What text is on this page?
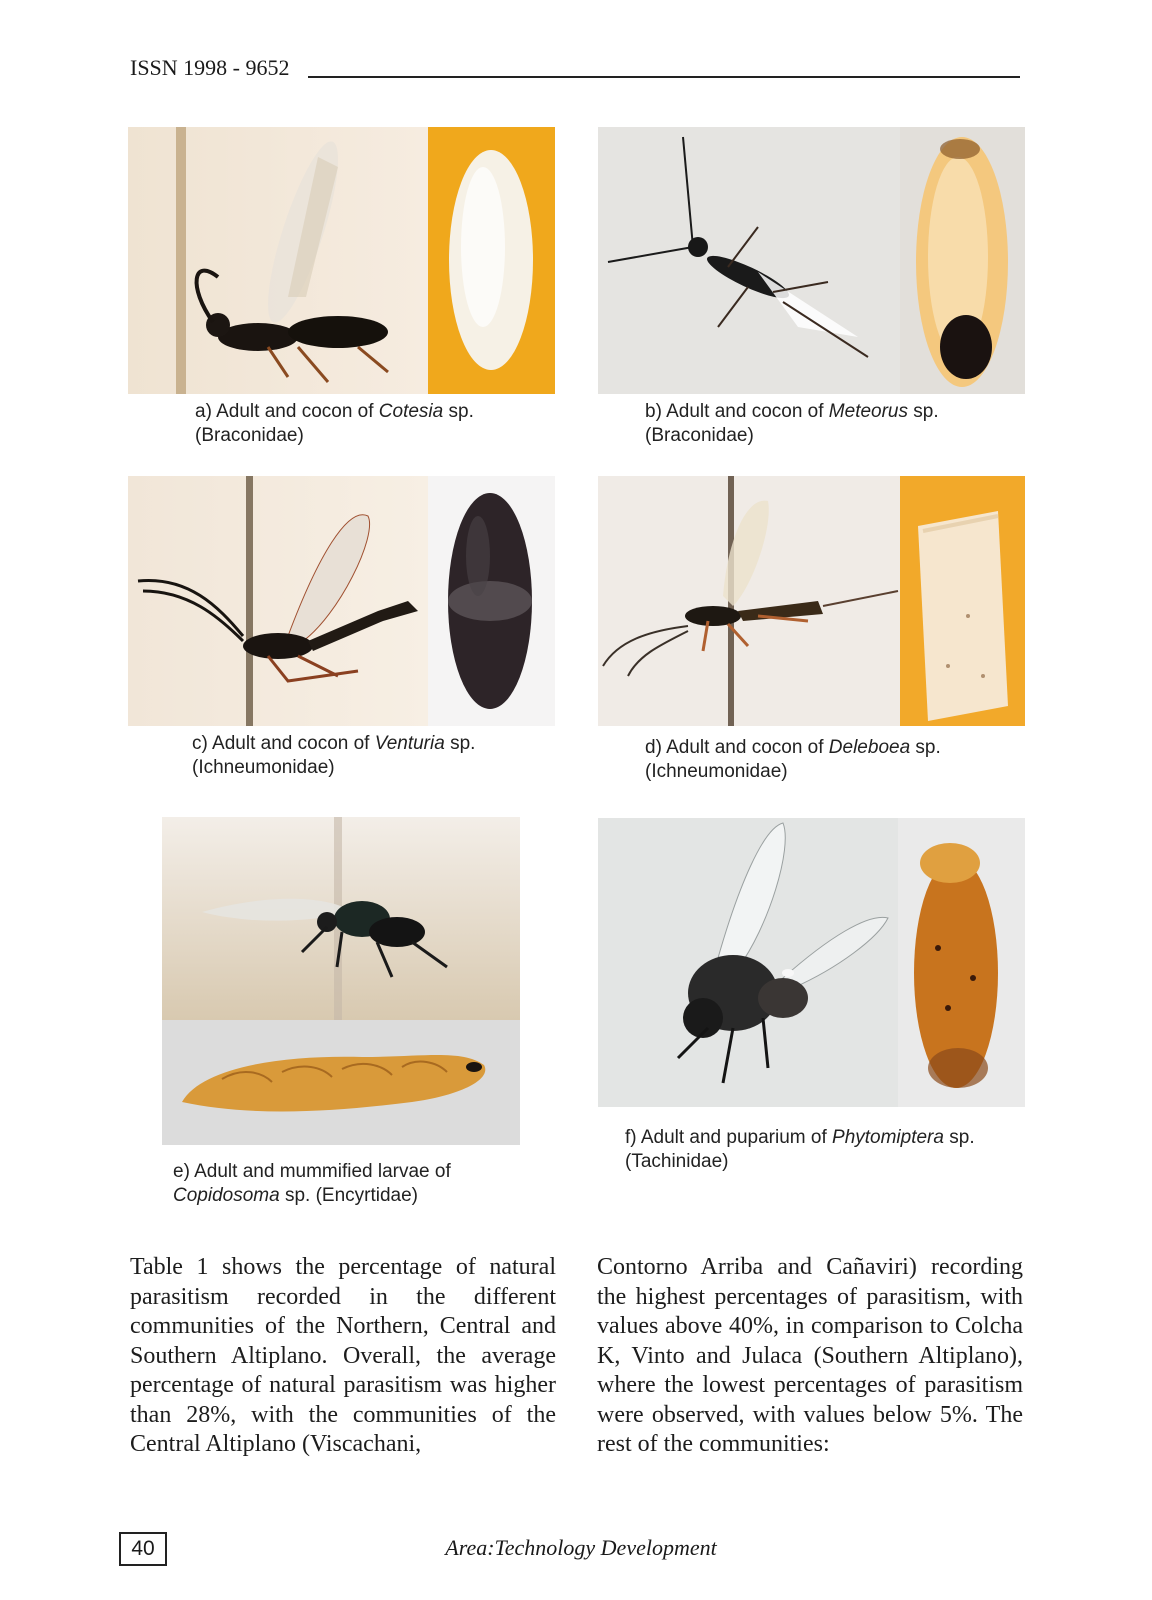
ISSN 1998 - 9652
a) Adult and cocon of Cotesia sp.
(Braconidae)
b) Adult and cocon of Meteorus sp.
(Braconidae)
c) Adult and cocon of Venturia sp.
(Ichneumonidae)
d) Adult and cocon of Deleboea sp.
(Ichneumonidae)
e) Adult and mummified larvae of
Copidosoma sp. (Encyrtidae)
f) Adult and puparium of Phytomiptera sp.
(Tachinidae)
Table 1 shows the percentage of natural parasitism recorded in the different communities of the Northern, Central and Southern Altiplano. Overall, the average percentage of natural parasitism was higher than 28%, with the communities of the Central Altiplano (Viscachani,
Contorno Arriba and Cañaviri) recording the highest percentages of parasitism, with values above 40%, in comparison to Colcha K, Vinto and Julaca (Southern Altiplano), where the lowest percentages of parasitism were observed, with values below 5%. The rest of the communities:
40	Area:Technology Development
